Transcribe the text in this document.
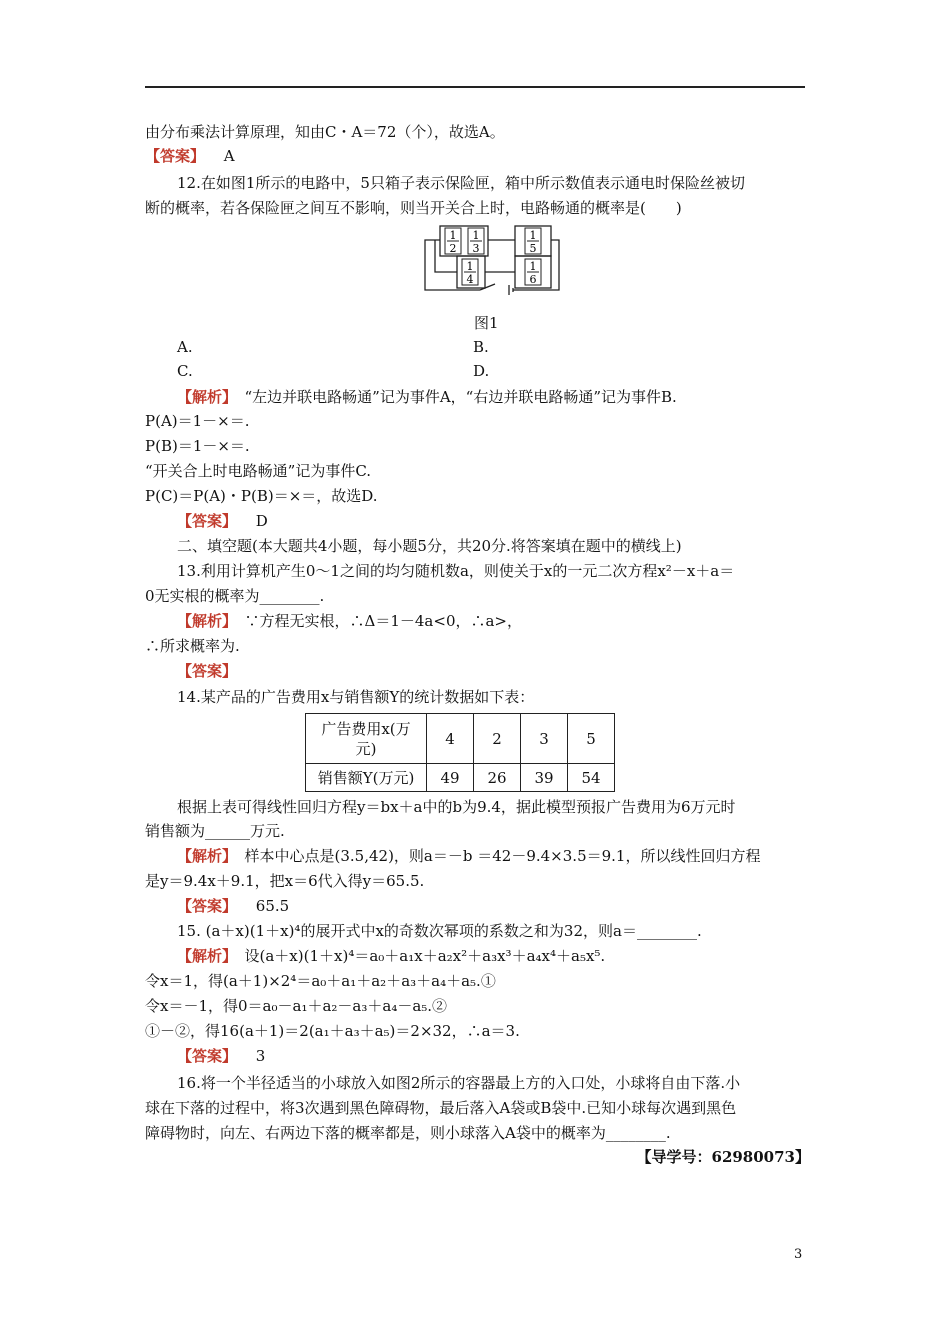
由分布乘法计算原理，知由C・A＝72（个），故选A。
【答案】 A
12.在如图1所示的电路中，5只箱子表示保险匣，箱中所示数值表示通电时保险丝被切
断的概率，若各保险匣之间互不影响，则当开关合上时，电路畅通的概率是(　　)
1
2
1
3
1
4
1
5
1
6
图1
A.	B.
C.	D.
【解析】　“左边并联电路畅通”记为事件A，“右边并联电路畅通”记为事件B.
P(A)＝1－×＝.
P(B)＝1－×＝.
“开关合上时电路畅通”记为事件C.
P(C)＝P(A)・P(B)＝×＝，故选D.
【答案】 D
二、填空题(本大题共4小题，每小题5分，共20分.将答案填在题中的横线上)
13.利用计算机产生0～1之间的均匀随机数a，则使关于x的一元二次方程x²－x＋a＝
0无实根的概率为________.
【解析】　∵方程无实根，∴Δ＝1－4a<0，∴a>，
∴所求概率为.
【答案】
14.某产品的广告费用x与销售额Y的统计数据如下表：
广告费用x(万
元)	4	2	3	5
销售额Y(万元)	49	26	39	54
根据上表可得线性回归方程y＝bx＋a中的b为9.4，据此模型预报广告费用为6万元时
销售额为______万元.
【解析】　样本中心点是(3.5,42)，则a＝－b ＝42－9.4×3.5＝9.1，所以线性回归方程
是y＝9.4x＋9.1，把x＝6代入得y＝65.5.
【答案】 65.5
15. (a＋x)(1＋x)⁴的展开式中x的奇数次幂项的系数之和为32，则a＝________.
【解析】　设(a＋x)(1＋x)⁴＝a₀＋a₁x＋a₂x²＋a₃x³＋a₄x⁴＋a₅x⁵.
令x＝1，得(a＋1)×2⁴＝a₀＋a₁＋a₂＋a₃＋a₄＋a₅.①
令x＝－1，得0＝a₀－a₁＋a₂－a₃＋a₄－a₅.②
①－②，得16(a＋1)＝2(a₁＋a₃＋a₅)＝2×32，∴a＝3.
【答案】 3
16.将一个半径适当的小球放入如图2所示的容器最上方的入口处，小球将自由下落.小
球在下落的过程中，将3次遇到黑色障碍物，最后落入A袋或B袋中.已知小球每次遇到黑色
障碍物时，向左、右两边下落的概率都是，则小球落入A袋中的概率为________.
【导学号：62980073】
3
